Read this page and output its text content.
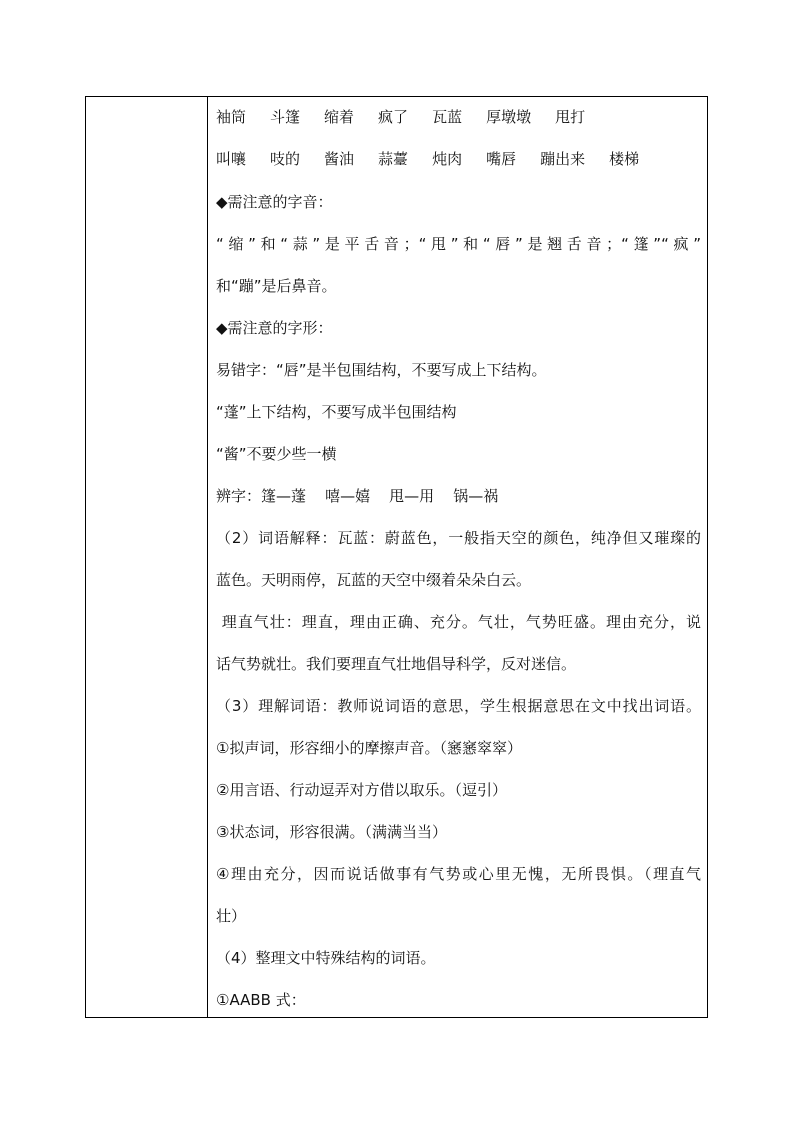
袖筒 斗篷 缩着 疯了 瓦蓝 厚墩墩 甩打
叫嚷 吱的 酱油 蒜薹 炖肉 嘴唇 蹦出来 楼梯
◆需注意的字音：
“缩”和“蒜”是平舌音；“甩”和“唇”是翘舌音；“篷”“疯”
和“蹦”是后鼻音。
◆需注意的字形：
易错字：“唇”是半包围结构，不要写成上下结构。
“蓬”上下结构，不要写成半包围结构
“酱”不要少些一横
辨字：篷—蓬    嘻—嬉    甩—用    锅—祸
（2）词语解释：瓦蓝：蔚蓝色，一般指天空的颜色，纯净但又璀璨的
蓝色。天明雨停，瓦蓝的天空中缀着朵朵白云。
理直气壮：理直，理由正确、充分。气壮，气势旺盛。理由充分，说
话气势就壮。我们要理直气壮地倡导科学，反对迷信。
（3）理解词语：教师说词语的意思，学生根据意思在文中找出词语。
①拟声词，形容细小的摩擦声音。（窸窸窣窣）
②用言语、行动逗弄对方借以取乐。（逗引）
③状态词，形容很满。（满满当当）
④理由充分，因而说话做事有气势或心里无愧，无所畏惧。（理直气
壮）
（4）整理文中特殊结构的词语。
①AABB 式：
